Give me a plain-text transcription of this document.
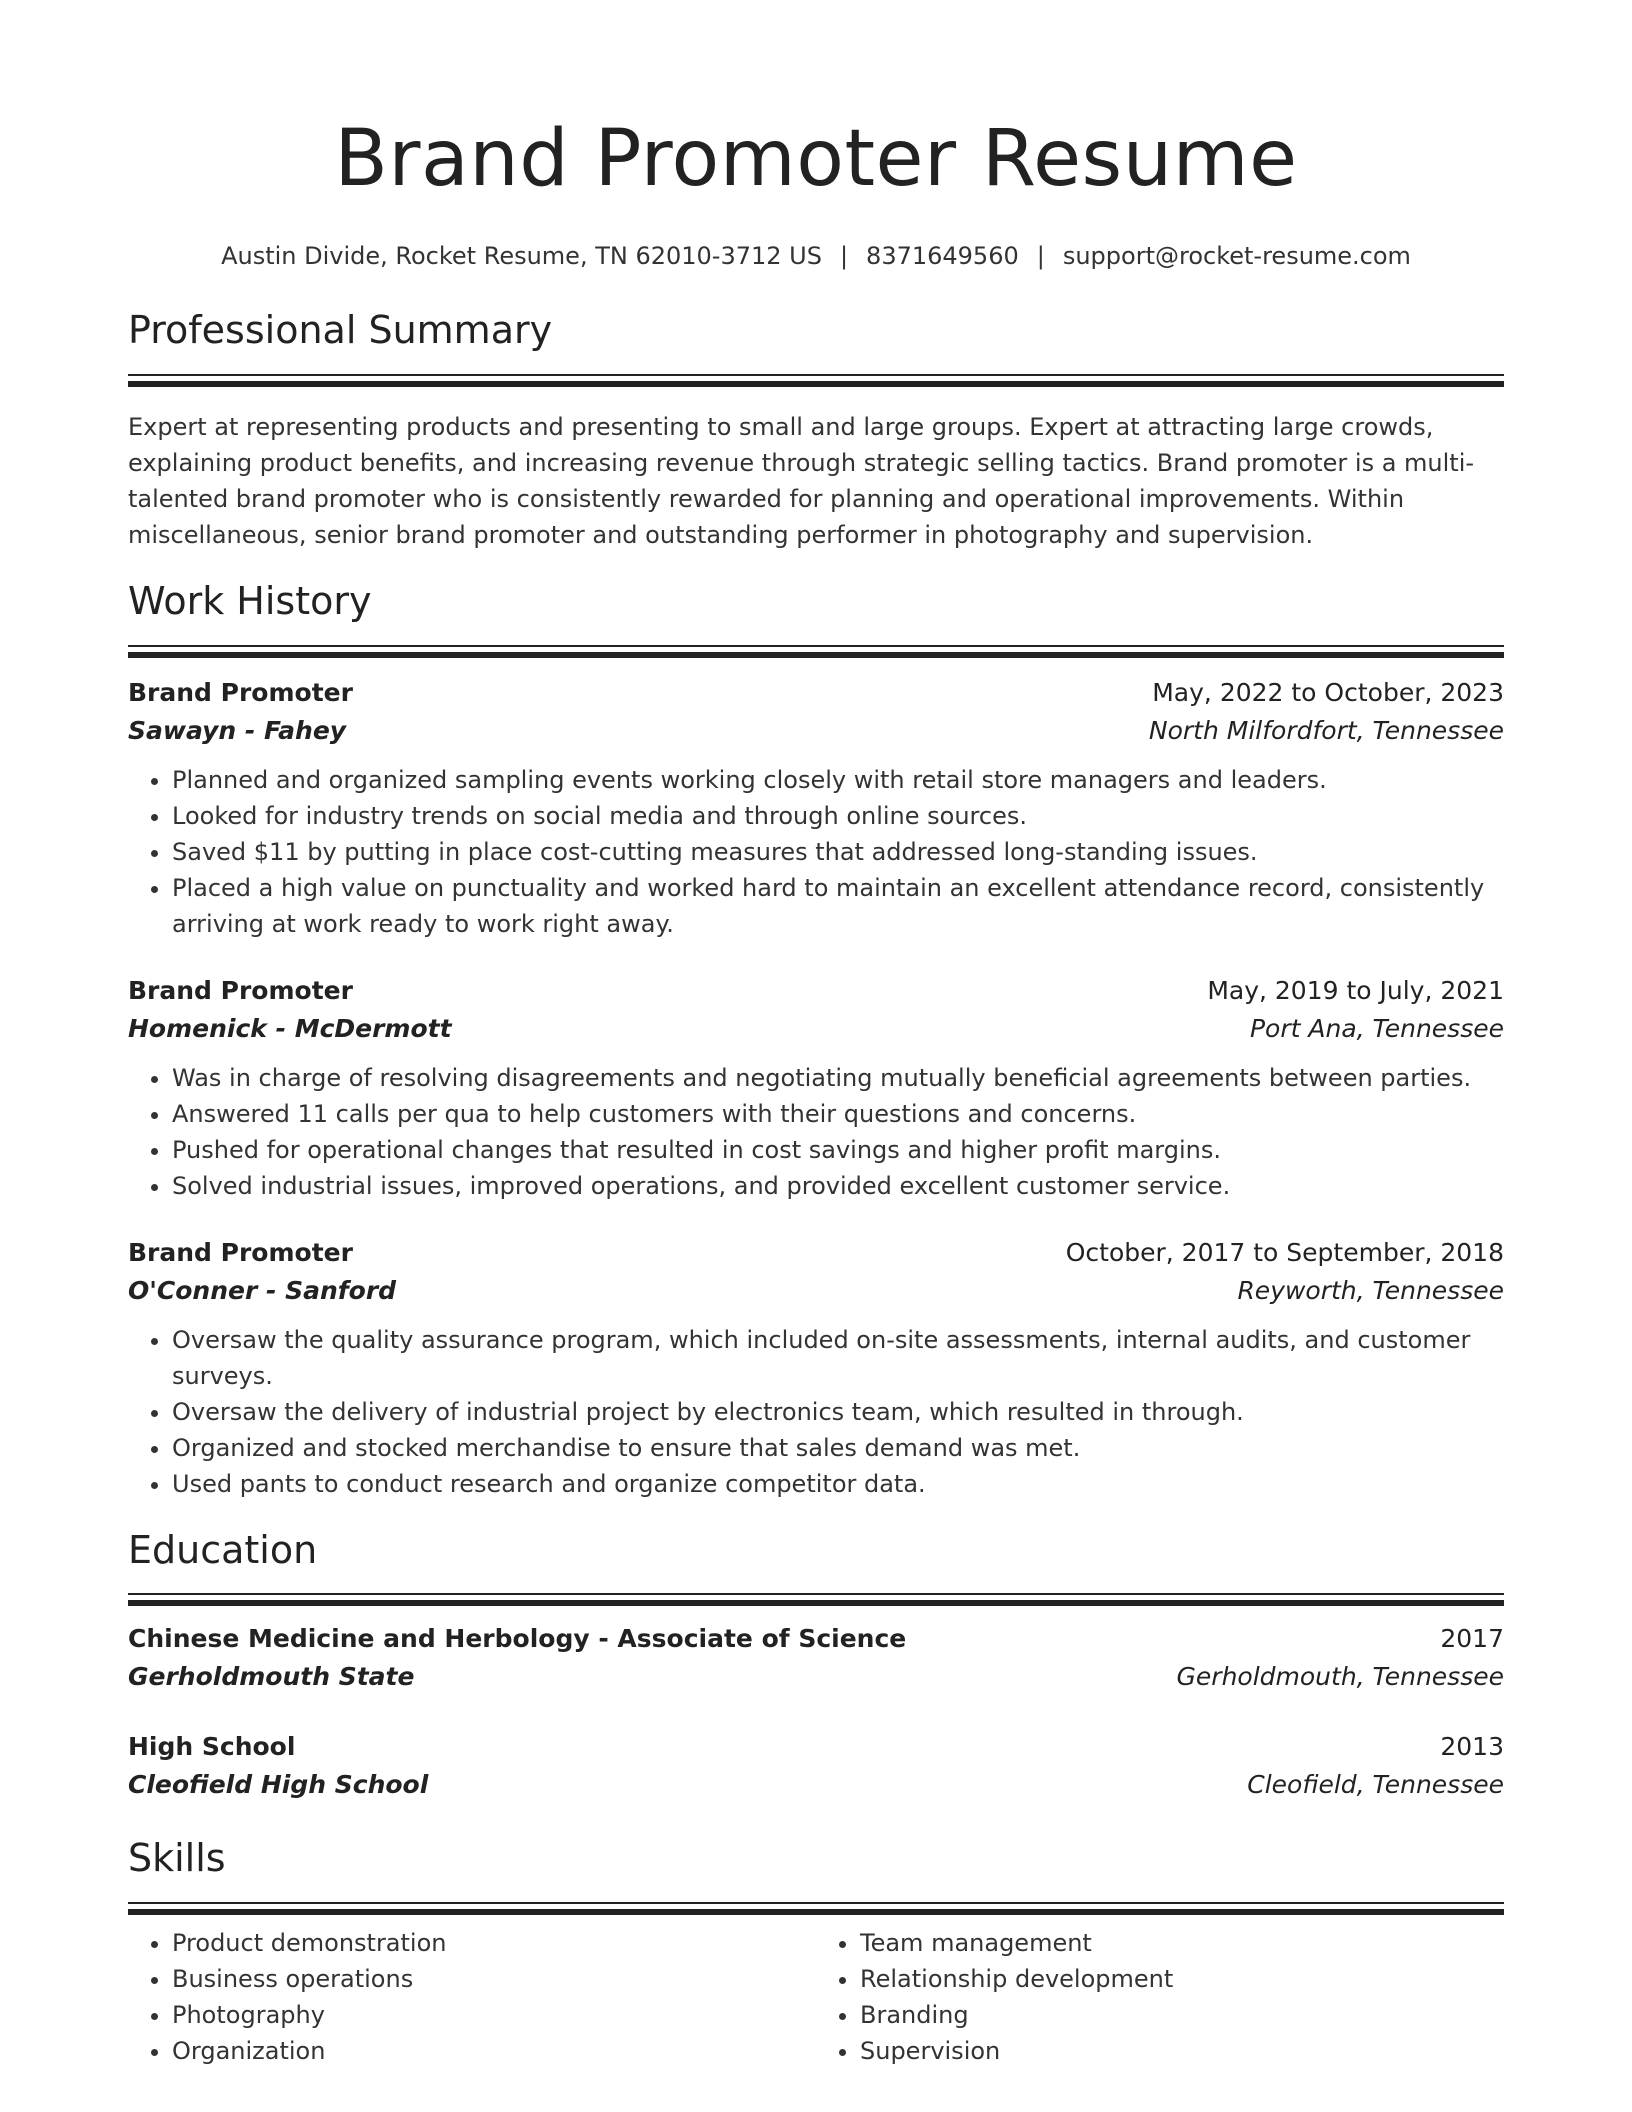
Brand Promoter Resume
Austin Divide, Rocket Resume, TN 62010-3712 US | 8371649560 | support@rocket-resume.com
Professional Summary
Expert at representing products and presenting to small and large groups. Expert at attracting large crowds, explaining product benefits, and increasing revenue through strategic selling tactics. Brand promoter is a multi-talented brand promoter who is consistently rewarded for planning and operational improvements. Within miscellaneous, senior brand promoter and outstanding performer in photography and supervision.
Work History
Brand Promoter	May, 2022 to October, 2023
Sawayn - Fahey	North Milfordfort, Tennessee
• Planned and organized sampling events working closely with retail store managers and leaders.
• Looked for industry trends on social media and through online sources.
• Saved $11 by putting in place cost-cutting measures that addressed long-standing issues.
• Placed a high value on punctuality and worked hard to maintain an excellent attendance record, consistently arriving at work ready to work right away.
Brand Promoter	May, 2019 to July, 2021
Homenick - McDermott	Port Ana, Tennessee
• Was in charge of resolving disagreements and negotiating mutually beneficial agreements between parties.
• Answered 11 calls per qua to help customers with their questions and concerns.
• Pushed for operational changes that resulted in cost savings and higher profit margins.
• Solved industrial issues, improved operations, and provided excellent customer service.
Brand Promoter	October, 2017 to September, 2018
O'Conner - Sanford	Reyworth, Tennessee
• Oversaw the quality assurance program, which included on-site assessments, internal audits, and customer surveys.
• Oversaw the delivery of industrial project by electronics team, which resulted in through.
• Organized and stocked merchandise to ensure that sales demand was met.
• Used pants to conduct research and organize competitor data.
Education
Chinese Medicine and Herbology - Associate of Science	2017
Gerholdmouth State	Gerholdmouth, Tennessee
High School	2013
Cleofield High School	Cleofield, Tennessee
Skills
• Product demonstration
• Business operations
• Photography
• Organization
• Team management
• Relationship development
• Branding
• Supervision
